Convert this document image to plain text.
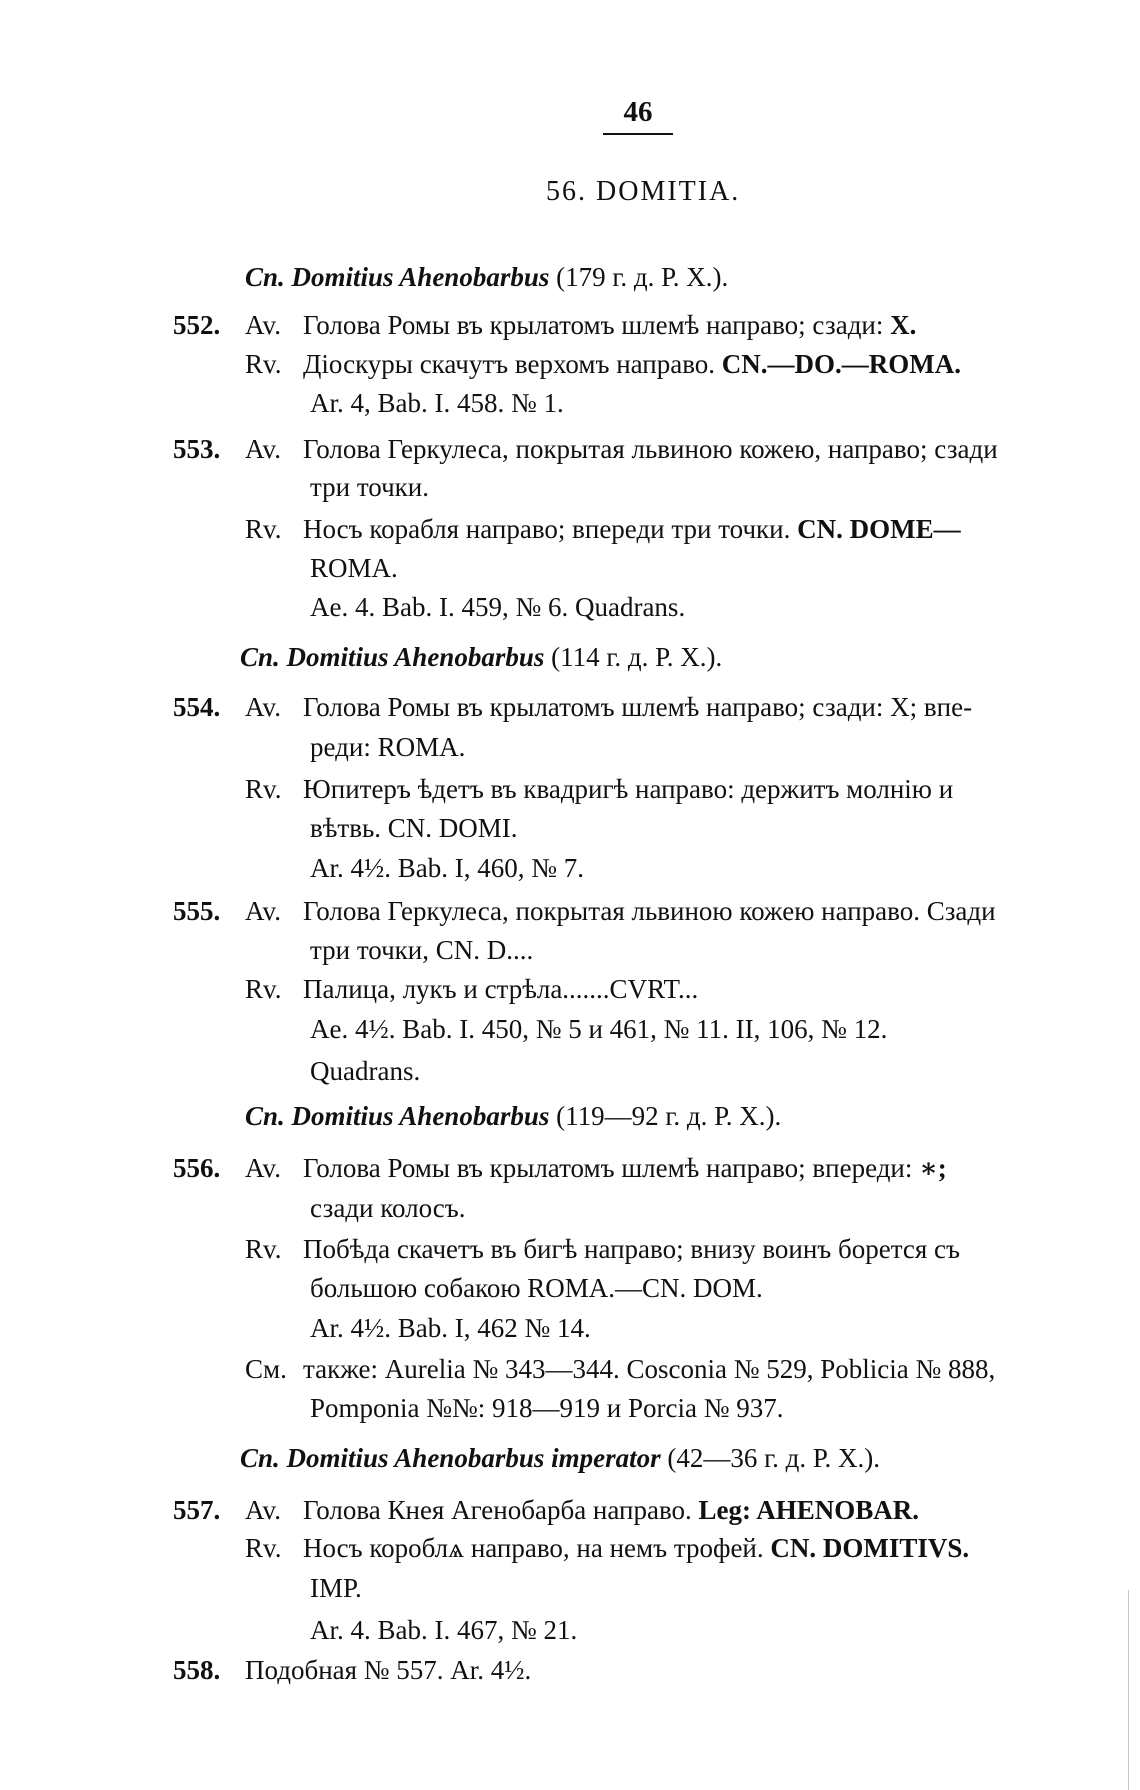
46
56. DOMITIA.
Cn. Domitius Ahenobarbus (179 г. д. Р. Х.).
552. Av. Голова Ромы въ крылатомъ шлемѣ направо; сзади: X.
Rv. Діоскуры скачутъ верхомъ направо. CN.—DO.—ROMA.
Ar. 4, Bab. I. 458. № 1.
553. Av. Голова Геркулеса, покрытая львиною кожею, направо; сзади
три точки.
Rv. Носъ корабля направо; впереди три точки. CN. DOME—
ROMA.
Ae. 4. Bab. I. 459, № 6. Quadrans.
Cn. Domitius Ahenobarbus (114 г. д. Р. Х.).
554. Av. Голова Ромы въ крылатомъ шлемѣ направо; сзади: X; впе-
реди: ROMA.
Rv. Юпитеръ ѣдетъ въ квадригѣ направо: держитъ молнію и
вѣтвь. CN. DOMI.
Ar. 4½. Bab. I, 460, № 7.
555. Av. Голова Геркулеса, покрытая львиною кожею направо. Сзади
три точки, CN. D....
Rv. Палица, лукъ и стрѣла.......CVRT...
Ae. 4½. Bab. I. 450, № 5 и 461, № 11. II, 106, № 12.
Quadrans.
Cn. Domitius Ahenobarbus (119—92 г. д. Р. Х.).
556. Av. Голова Ромы въ крылатомъ шлемѣ направо; впереди: ∗;
сзади колосъ.
Rv. Побѣда скачетъ въ бигѣ направо; внизу воинъ борется съ
большою собакою ROMA.—CN. DOM.
Ar. 4½. Bab. I, 462 № 14.
См. также: Aurelia № 343—344. Cosconia № 529, Poblicia № 888,
Pomponia №№: 918—919 и Porcia № 937.
Cn. Domitius Ahenobarbus imperator (42—36 г. д. Р. Х.).
557. Av. Голова Кнея Агенобарба направо. Leg: AHENOBAR.
Rv. Носъ короблѧ направо, на немъ трофей. CN. DOMITIVS.
IMP.
Ar. 4. Bab. I. 467, № 21.
558. Подобная № 557. Ar. 4½.
